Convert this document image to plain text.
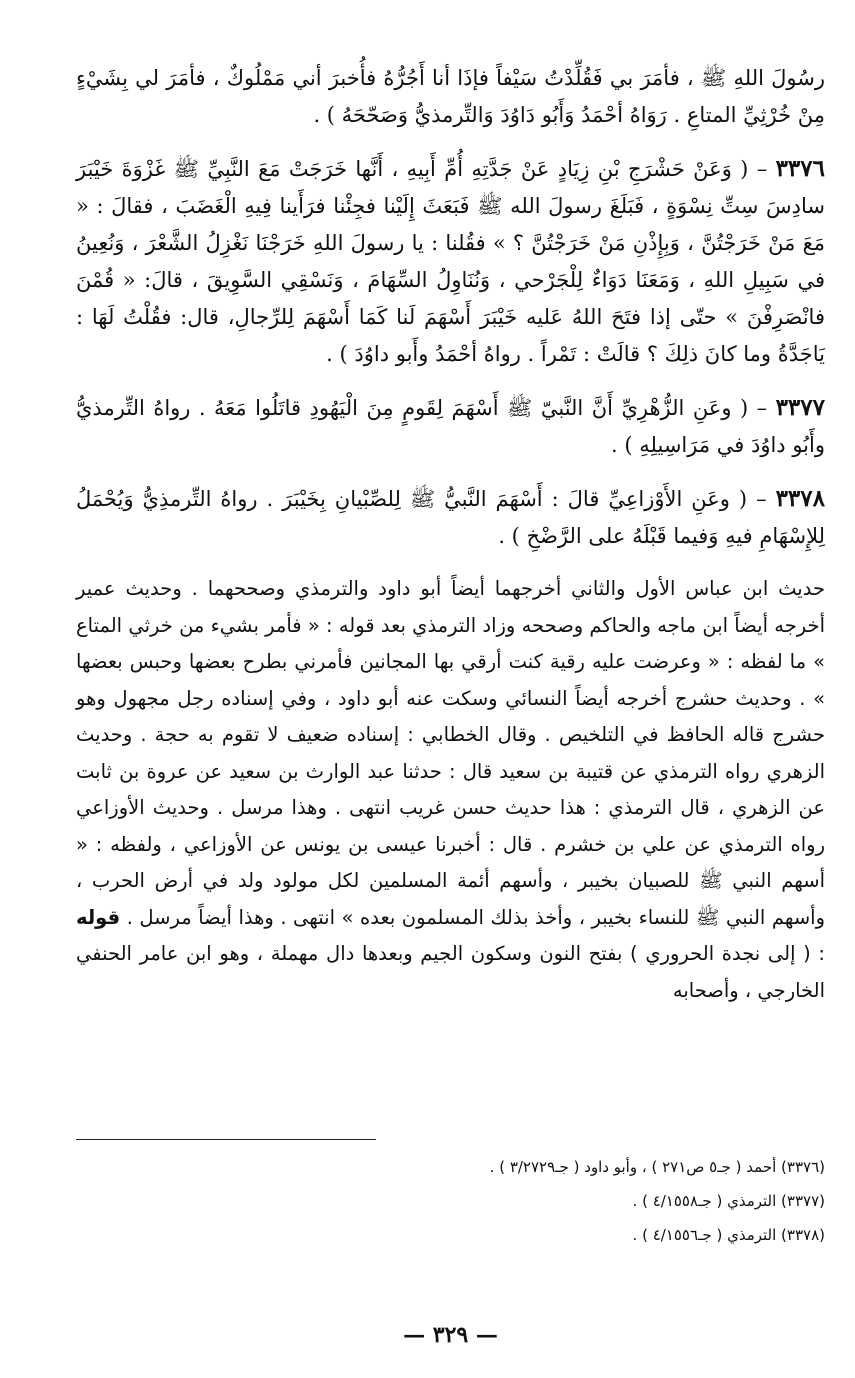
رسُولَ اللهِ ﷺ ، فأمَرَ بي فَقُلِّدْتُ سَيْفاً فإذَا أنا أَجُرُّهُ فأُخبرَ أني مَمْلُوكٌ ، فأمَرَ لي بِشَيْءٍ مِنْ خُرْثِيِّ المتاعِ . رَوَاهُ أحْمَدُ وَأَبُو دَاوُدَ وَالتِّرمذيُّ وَصَحّحَهُ ) .

٣٣٧٦ – ( وَعَنْ حَشْرَجِ بْنِ زِيَادٍ عَنْ جَدَّتِهِ أُمِّ أَبِيهِ ، أَنَّها خَرَجَتْ مَعَ النَّبِيِّ ﷺ غَزْوَةَ خَيْبَرَ سادِسَ سِتِّ نِسْوَةٍ ، فَبَلَغَ رسولَ الله ﷺ فَبَعَثَ إِلَيْنا فجِئْنا فرَأَينا فِيهِ الْغَضَبَ ، فقالَ : « مَعَ مَنْ خَرَجْتُنَّ ، وَبِإِذْنِ مَنْ خَرَجْتُنَّ ؟ » فقُلنا : يا رسولَ اللهِ خَرَجْنَا نَغْزِلُ الشَّعْرَ ، وَنُعِينُ في سَبِيلِ اللهِ ، وَمَعَنَا دَوَاءٌ لِلْجَرْحي ، وَنُنَاوِلُ السِّهَامَ ، وَنَسْقِي السَّوِيقَ ، قالَ: « قُمْنَ فانْصَرِفْنَ » حتّى إذا فتَحَ اللهُ عَليه خَيْبَرَ أَسْهَمَ لَنا كَمَا أَسْهَمَ لِلرِّجالِ، قال: فقُلْتُ لَهَا : يَاجَدَّةُ وما كانَ ذلِكَ ؟ قالَتْ : تَمْراً . رواهُ أحْمَدُ وأَبو داوُدَ ) .

٣٣٧٧ – ( وعَنِ الزُّهْرِيِّ أَنَّ النَّبيّ ﷺ أَسْهَمَ لِقَومٍ مِنَ الْيَهُودِ قاتَلُوا مَعَهُ . رواهُ التِّرمذيُّ وأَبُو داوُدَ في مَرَاسِيلِهِ ) .

٣٣٧٨ – ( وعَنِ الأَوْزاعِيِّ قالَ : أَسْهَمَ النَّبيُّ ﷺ لِلصِّبْيانِ بِخَيْبَرَ . رواهُ التِّرمذِيُّ وَيُحْمَلُ لِلإِسْهَامِ فيهِ وَفيما قَبْلَهُ على الرَّضْخِ ) .

حديث ابن عباس الأول والثاني أخرجهما أيضاً أبو داود والترمذي وصححهما . وحديث عمير أخرجه أيضاً ابن ماجه والحاكم وصححه وزاد الترمذي بعد قوله : « فأمر بشيء من خرثي المتاع » ما لفظه : « وعرضت عليه رقية كنت أرقي بها المجانين فأمرني بطرح بعضها وحبس بعضها » . وحديث حشرج أخرجه أيضاً النسائي وسكت عنه أبو داود ، وفي إسناده رجل مجهول وهو حشرج قاله الحافظ في التلخيص . وقال الخطابي : إسناده ضعيف لا تقوم به حجة . وحديث الزهري رواه الترمذي عن قتيبة بن سعيد قال : حدثنا عبد الوارث بن سعيد عن عروة بن ثابت عن الزهري ، قال الترمذي : هذا حديث حسن غريب انتهى . وهذا مرسل . وحديث الأوزاعي رواه الترمذي عن علي بن خشرم . قال : أخبرنا عيسى بن يونس عن الأوزاعي ، ولفظه : « أسهم النبي ﷺ للصبيان بخيبر ، وأسهم أئمة المسلمين لكل مولود ولد في أرض الحرب ، وأسهم النبي ﷺ للنساء بخيبر ، وأخذ بذلك المسلمون بعده » انتهى . وهذا أيضاً مرسل . قوله : ( إلى نجدة الحروري ) بفتح النون وسكون الجيم وبعدها دال مهملة ، وهو ابن عامر الحنفي الخارجي ، وأصحابه

(٣٣٧٦) أحمد ( جـ٥ ص٢٧١ ) ، وأبو داود ( جـ٣/٢٧٢٩ ) .
(٣٣٧٧) الترمذي ( جـ٤/١٥٥٨ ) .
(٣٣٧٨) الترمذي ( جـ٤/١٥٥٦ ) .
— ٣٢٩ —
